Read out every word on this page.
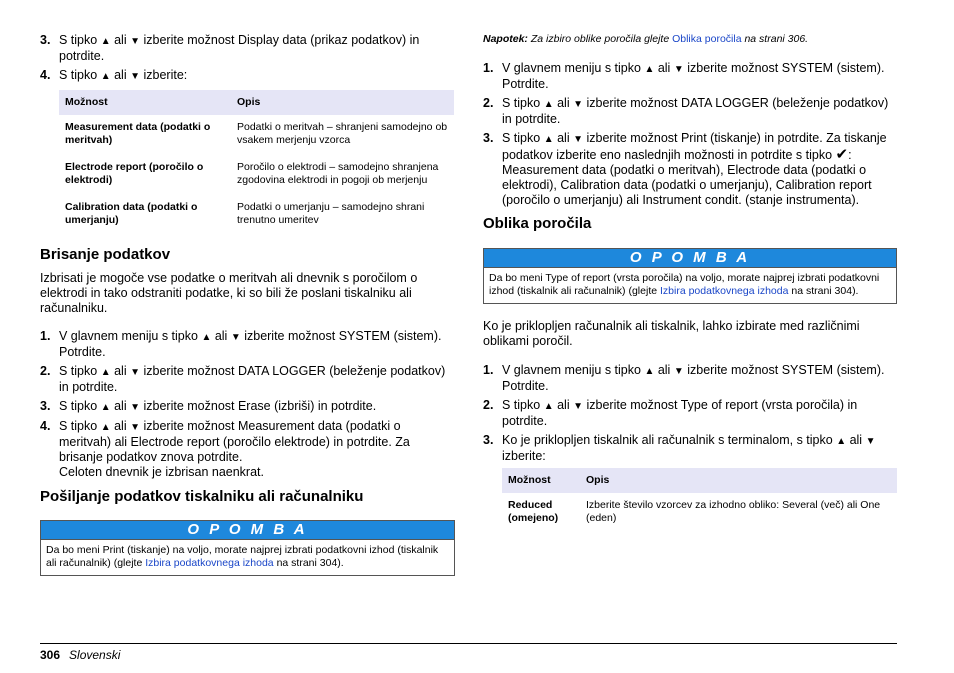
3. S tipko ▲ ali ▼ izberite možnost Display data (prikaz podatkov) in potrdite.
4. S tipko ▲ ali ▼ izberite:
Možnost	Opis
Measurement data (podatki o meritvah)	Podatki o meritvah – shranjeni samodejno ob vsakem merjenju vzorca
Electrode report (poročilo o elektrodi)	Poročilo o elektrodi – samodejno shranjena zgodovina elektrodi in pogoji ob merjenju
Calibration data (podatki o umerjanju)	Podatki o umerjanju – samodejno shrani trenutno umeritev
Brisanje podatkov

Izbrisati je mogoče vse podatke o meritvah ali dnevnik s poročilom o elektrodi in tako odstraniti podatke, ki so bili že poslani tiskalniku ali računalniku.

1. V glavnem meniju s tipko ▲ ali ▼ izberite možnost SYSTEM (sistem). Potrdite.
2. S tipko ▲ ali ▼ izberite možnost DATA LOGGER (beleženje podatkov) in potrdite.
3. S tipko ▲ ali ▼ izberite možnost Erase (izbriši) in potrdite.
4. S tipko ▲ ali ▼ izberite možnost Measurement data (podatki o meritvah) ali Electrode report (poročilo elektrode) in potrdite. Za brisanje podatkov znova potrdite.
Celoten dnevnik je izbrisan naenkrat.
Pošiljanje podatkov tiskalniku ali računalniku
O P O M B A
Da bo meni Print (tiskanje) na voljo, morate najprej izbrati podatkovni izhod (tiskalnik ali računalnik) (glejte Izbira podatkovnega izhoda na strani 304).

Napotek: Za izbiro oblike poročila glejte Oblika poročila na strani 306.

1. V glavnem meniju s tipko ▲ ali ▼ izberite možnost SYSTEM (sistem). Potrdite.
2. S tipko ▲ ali ▼ izberite možnost DATA LOGGER (beleženje podatkov) in potrdite.
3. S tipko ▲ ali ▼ izberite možnost Print (tiskanje) in potrdite. Za tiskanje podatkov izberite eno naslednjih možnosti in potrdite s tipko ✔: Measurement data (podatki o meritvah), Electrode data (podatki o elektrodi), Calibration data (podatki o umerjanju), Calibration report (poročilo o umerjanju) ali Instrument condit. (stanje instrumenta).
Oblika poročila
O P O M B A
Da bo meni Type of report (vrsta poročila) na voljo, morate najprej izbrati podatkovni izhod (tiskalnik ali računalnik) (glejte Izbira podatkovnega izhoda na strani 304).

Ko je priklopljen računalnik ali tiskalnik, lahko izbirate med različnimi oblikami poročil.

1. V glavnem meniju s tipko ▲ ali ▼ izberite možnost SYSTEM (sistem). Potrdite.
2. S tipko ▲ ali ▼ izberite možnost Type of report (vrsta poročila) in potrdite.
3. Ko je priklopljen tiskalnik ali računalnik s terminalom, s tipko ▲ ali ▼ izberite:
Možnost	Opis
Reduced (omejeno)	Izberite število vzorcev za izhodno obliko: Several (več) ali One (eden)
306 Slovenski
